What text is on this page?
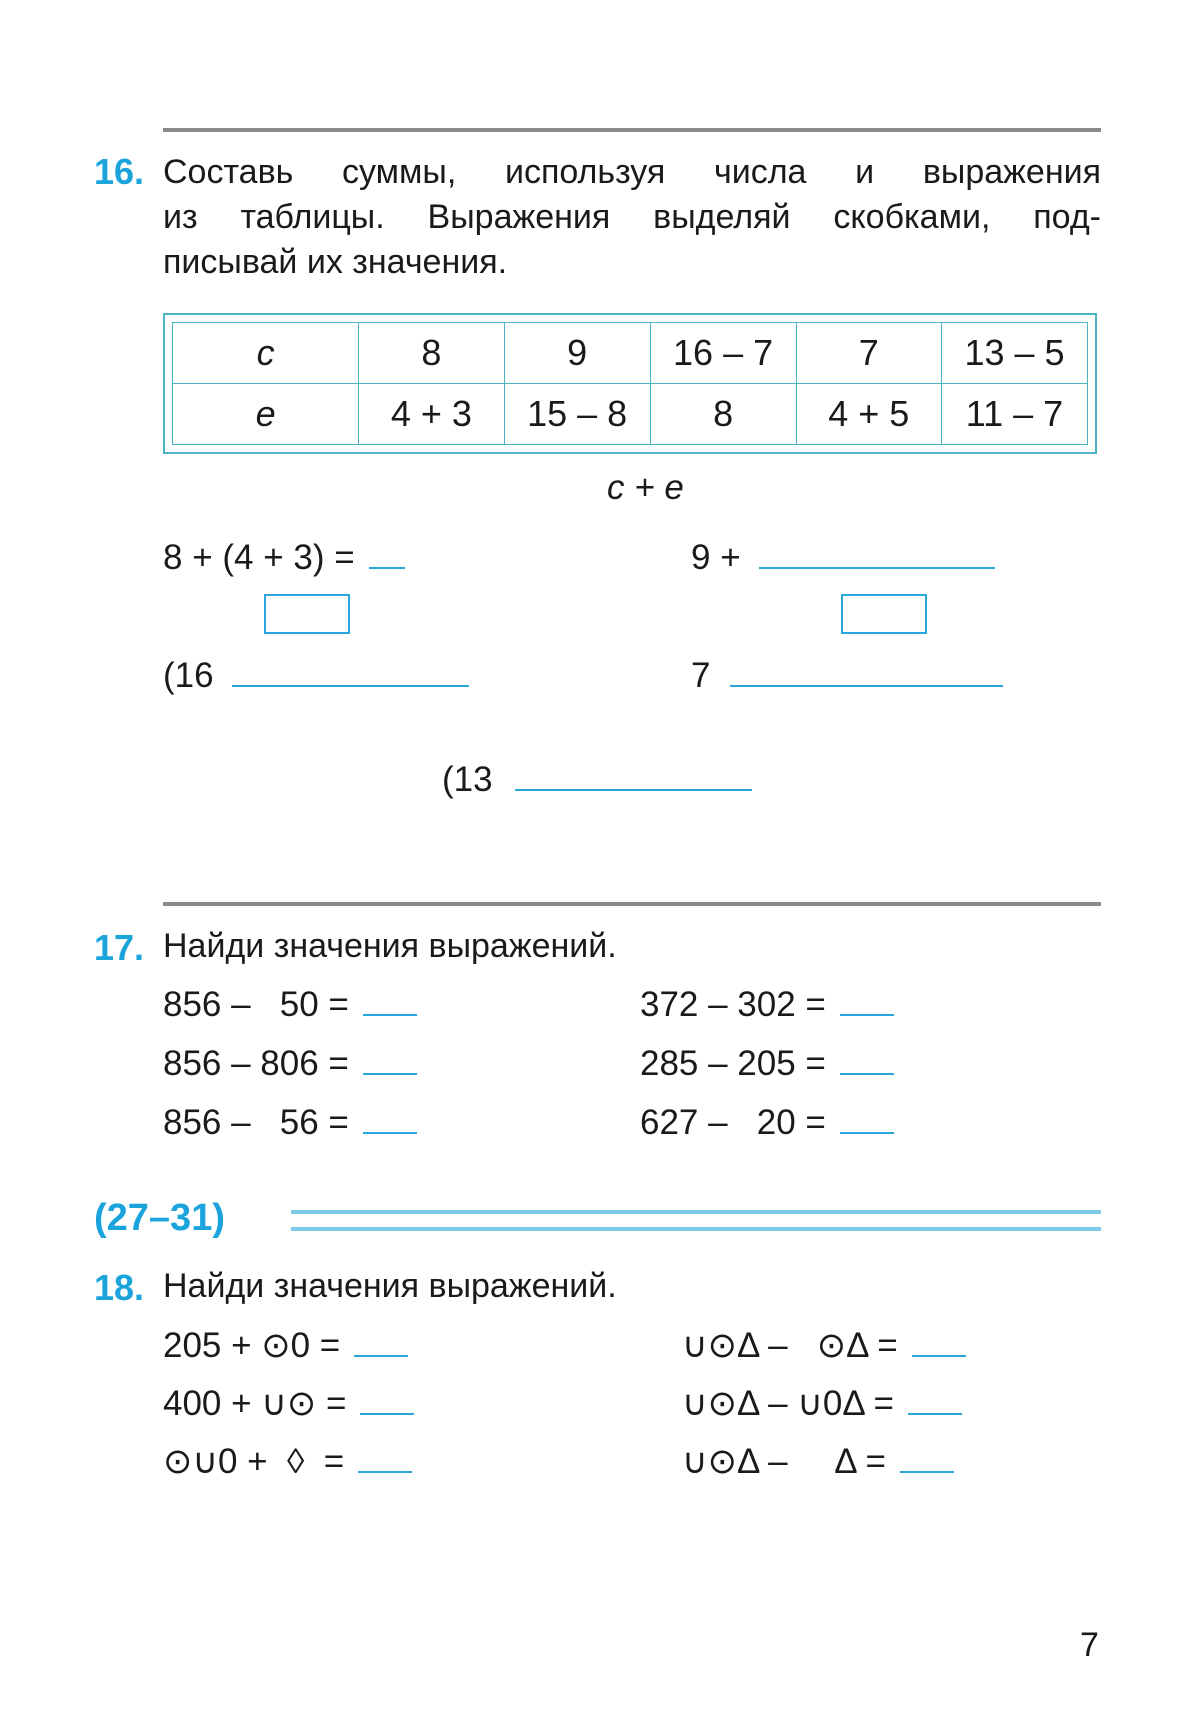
16. Составь суммы, используя числа и выражения
из таблицы. Выражения выделяй скобками, под-
писывай их значения.
c	8	9	16 – 7	7	13 – 5
e	4 + 3	15 – 8	8	4 + 5	11 – 7
c + e
8 + (4 + 3) =	9 +
(16	7
(13
17. Найди значения выражений.
856 –   50 =
856 – 806 =
856 –   56 =
372 – 302 =
285 – 205 =
627 –   20 =
(27–31)
18. Найди значения выражений.
205 + ⊙0 =
400 + ∪⊙ =
⊙∪0 +  ◊  =
∪⊙Δ –   ⊙Δ =
∪⊙Δ – ∪0Δ =
∪⊙Δ –     Δ =
7
